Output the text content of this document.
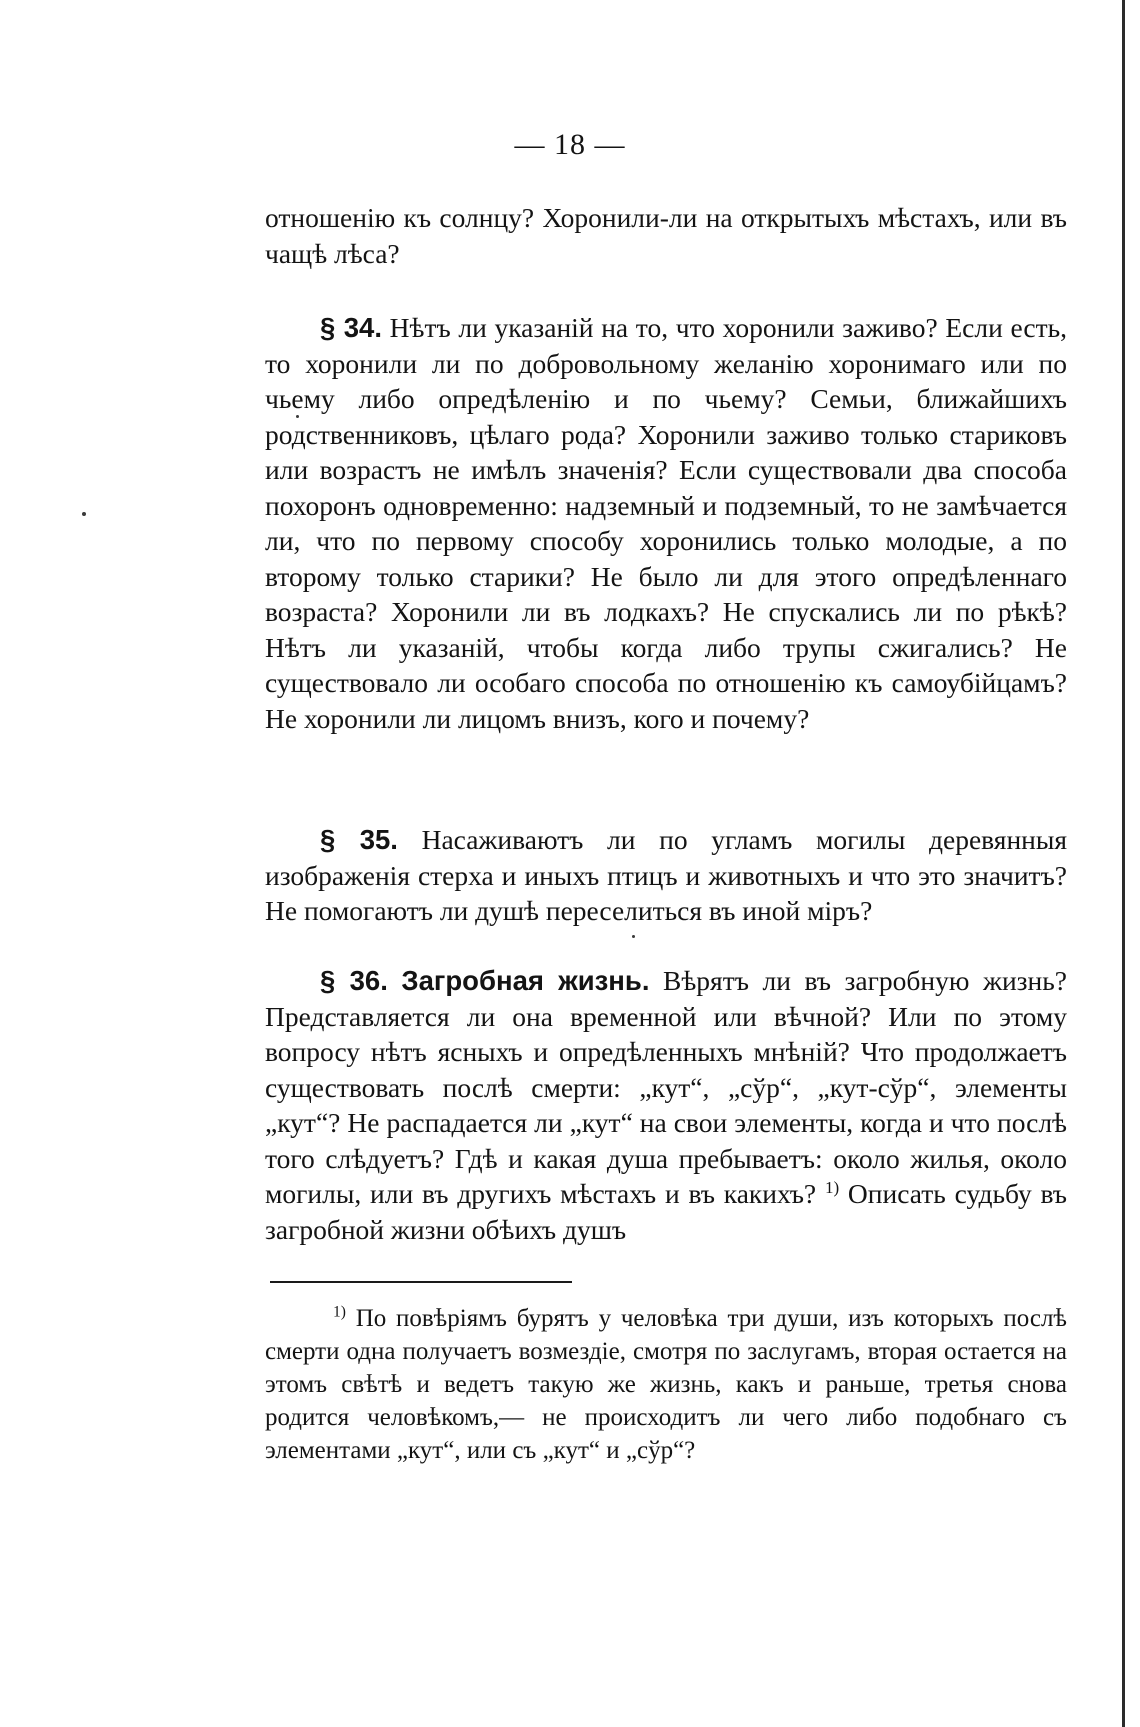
— 18 —

отношенію къ солнцу? Хоронили-ли на открытыхъ мѣстахъ, или въ чащѣ лѣса?

§ 34. Нѣтъ ли указаній на то, что хоронили заживо? Если есть, то хоронили ли по добровольному желанію хоронимаго или по чьему либо опредѣленію и по чьему? Семьи, ближайшихъ родственниковъ, цѣлаго рода? Хоронили заживо только стариковъ или возрастъ не имѣлъ значенія? Если существовали два способа похоронъ одновременно: надземный и подземный, то не замѣчается ли, что по первому способу хоронились только молодые, а по второму только старики? Не было ли для этого опредѣленнаго возраста? Хоронили ли въ лодкахъ? Не спускались ли по рѣкѣ? Нѣтъ ли указаній, чтобы когда либо трупы сжигались? Не существовало ли особаго способа по отношенію къ самоубійцамъ? Не хоронили ли лицомъ внизъ, кого и почему?

§ 35. Насаживаютъ ли по угламъ могилы деревянныя изображенія стерха и иныхъ птицъ и животныхъ и что это значитъ? Не помогаютъ ли душѣ переселиться въ иной міръ?

§ 36. Загробная жизнь. Вѣрятъ ли въ загробную жизнь? Представляется ли она временной или вѣчной? Или по этому вопросу нѣтъ ясныхъ и опредѣленныхъ мнѣній? Что продолжаетъ существовать послѣ смерти: „кут“, „сўр“, „кут-сўр“, элементы „кут“? Не распадается ли „кут“ на свои элементы, когда и что послѣ того слѣдуетъ? Гдѣ и какая душа пребываетъ: около жилья, около могилы, или въ другихъ мѣстахъ и въ какихъ? $^{1)}$ Описать судьбу въ загробной жизни обѣихъ душъ

$^{1)}$ По повѣріямъ бурятъ у человѣка три души, изъ которыхъ послѣ смерти одна получаетъ возмездіе, смотря по заслугамъ, вторая остается на этомъ свѣтѣ и ведетъ такую же жизнь, какъ и раньше, третья снова родится человѣкомъ,— не происходитъ ли чего либо подобнаго съ элементами „кут“, или съ „кут“ и „сўр“?
